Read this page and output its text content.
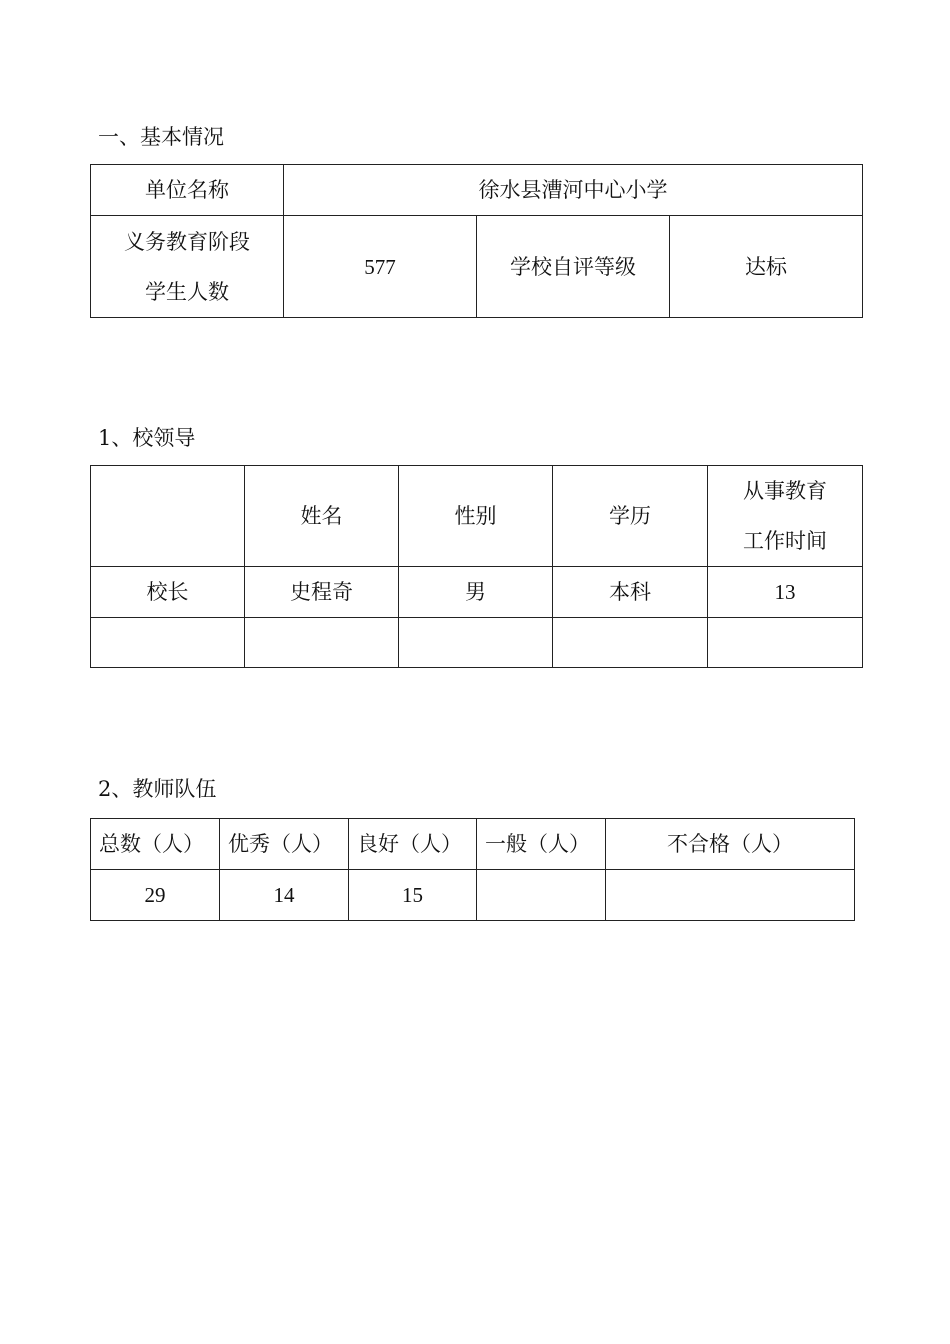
一、基本情况
单位名称	徐水县漕河中心小学		

义务教育阶段
学生人数	577	学校自评等级	达标
1、校领导
	姓名	性别	学历	从事教育
工作时间

校长	史程奇	男	本科	13

2、教师队伍
总数（人）	优秀（人）	良好（人）	一般（人）	不合格（人）
29	14	15		
